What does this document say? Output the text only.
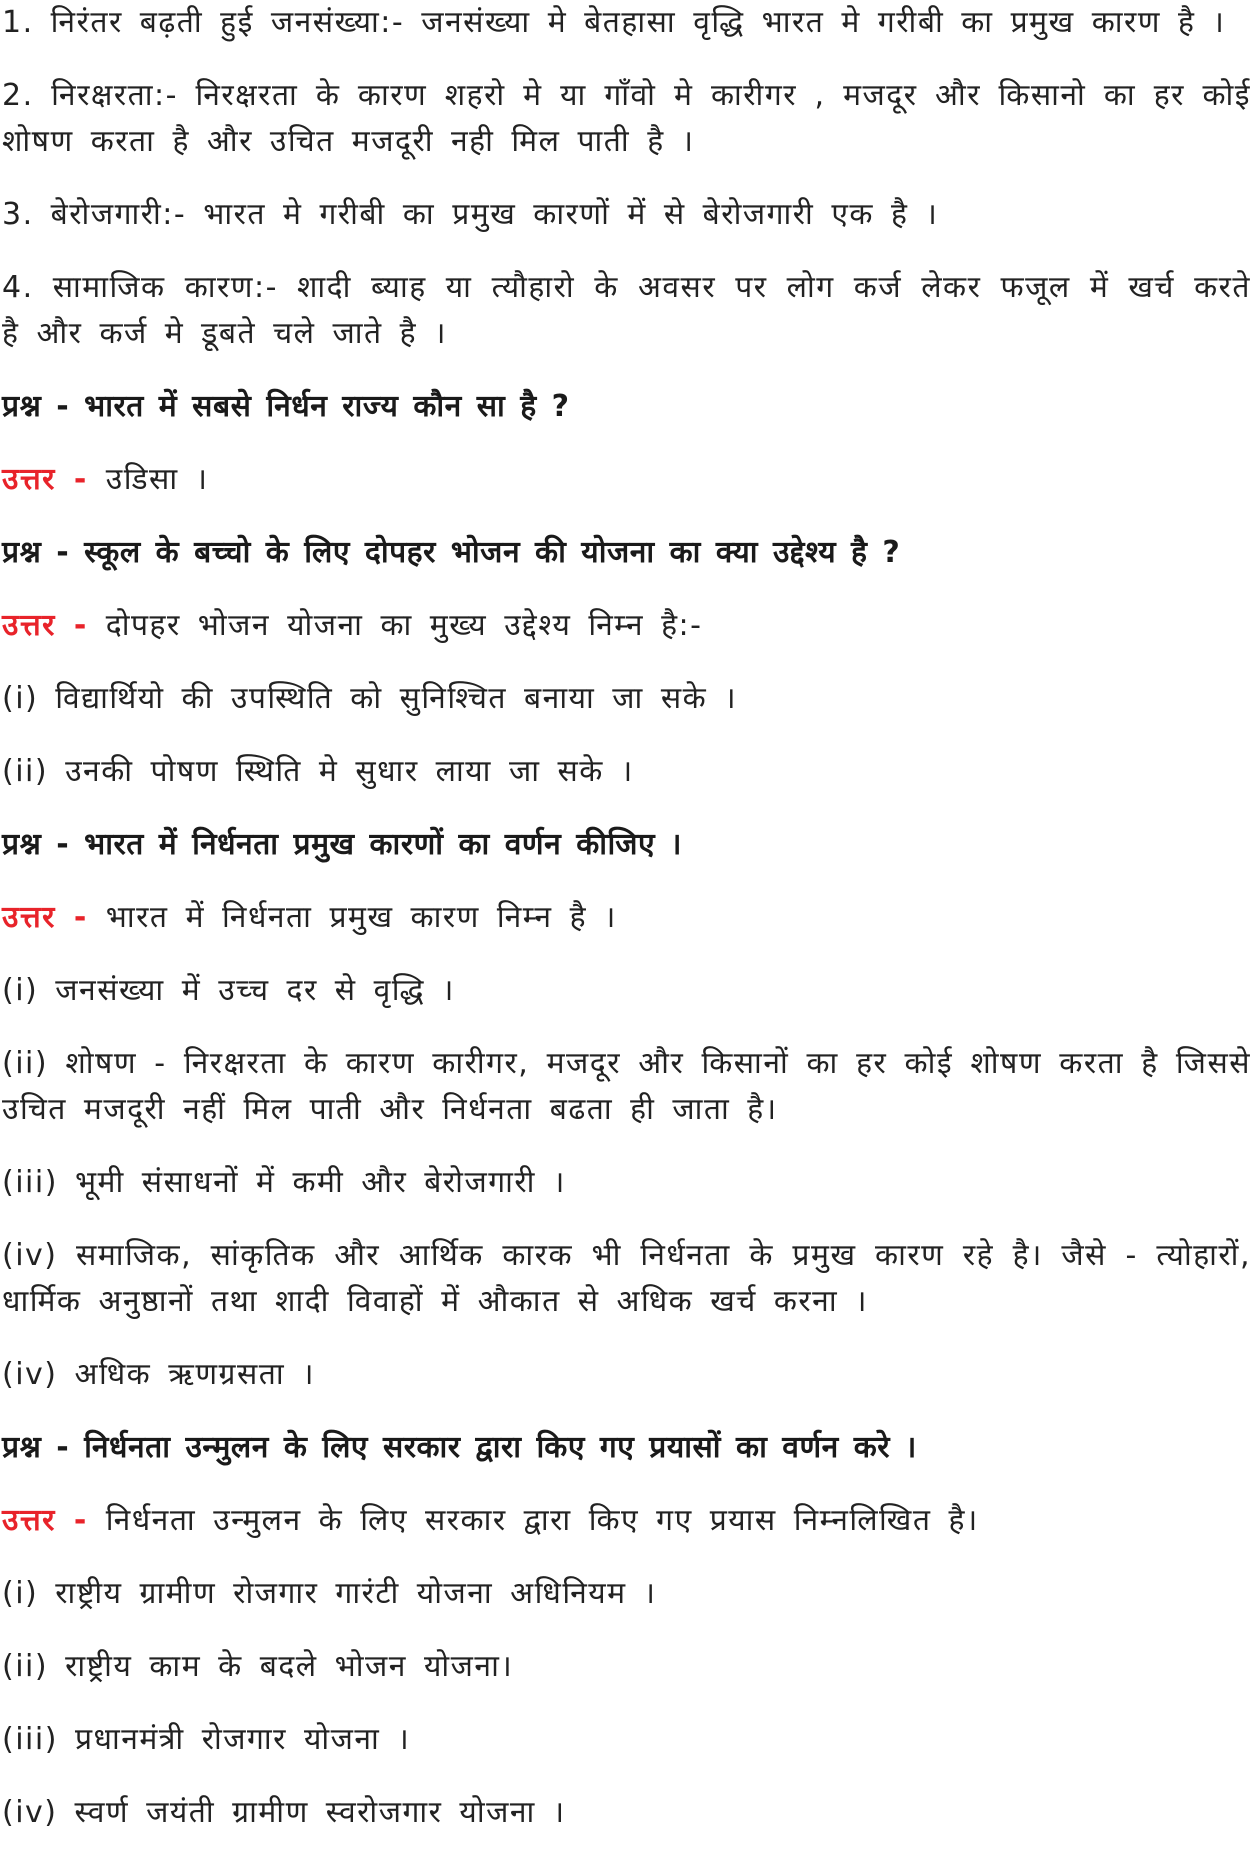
1. निरंतर बढ़ती हुई जनसंख्या:- जनसंख्या मे बेतहासा वृद्धि भारत मे गरीबी का प्रमुख कारण है ।

2. निरक्षरता:- निरक्षरता के कारण शहरो मे या गाँवो मे कारीगर , मजदूर और किसानो का हर कोई शोषण करता है और उचित मजदूरी नही मिल पाती है ।

3. बेरोजगारी:- भारत मे गरीबी का प्रमुख कारणों में से बेरोजगारी एक है ।

4. सामाजिक कारण:- शादी ब्याह या त्यौहारो के अवसर पर लोग कर्ज लेकर फजूल में खर्च करते है और कर्ज मे डूबते चले जाते है ।

प्रश्न - भारत में सबसे निर्धन राज्य कौन सा है ?

उत्तर - उडिसा ।

प्रश्न - स्कूल के बच्चो के लिए दोपहर भोजन की योजना का क्या उद्देश्य है ?

उत्तर - दोपहर भोजन योजना का मुख्य उद्देश्य निम्न है:-

(i) विद्यार्थियो की उपस्थिति को सुनिश्चित बनाया जा सके ।

(ii) उनकी पोषण स्थिति मे सुधार लाया जा सके ।

प्रश्न - भारत में निर्धनता प्रमुख कारणों का वर्णन कीजिए ।

उत्तर - भारत में निर्धनता प्रमुख कारण निम्न है ।

(i) जनसंख्या में उच्च दर से वृद्धि ।

(ii) शोषण - निरक्षरता के कारण कारीगर, मजदूर और किसानों का हर कोई शोषण करता है जिससे उचित मजदूरी नहीं मिल पाती और निर्धनता बढता ही जाता है।

(iii) भूमी संसाधनों में कमी और बेरोजगारी ।

(iv) समाजिक, सांकृतिक और आर्थिक कारक भी निर्धनता के प्रमुख कारण रहे है। जैसे - त्योहारों, धार्मिक अनुष्ठानों तथा शादी विवाहों में औकात से अधिक खर्च करना ।

(iv) अधिक ऋणग्रसता ।

प्रश्न - निर्धनता उन्मुलन के लिए सरकार द्वारा किए गए प्रयासों का वर्णन करे ।

उत्तर - निर्धनता उन्मुलन के लिए सरकार द्वारा किए गए प्रयास निम्नलिखित है।

(i) राष्ट्रीय ग्रामीण रोजगार गारंटी योजना अधिनियम ।

(ii) राष्ट्रीय काम के बदले भोजन योजना।

(iii) प्रधानमंत्री रोजगार योजना ।

(iv) स्वर्ण जयंती ग्रामीण स्वरोजगार योजना ।
